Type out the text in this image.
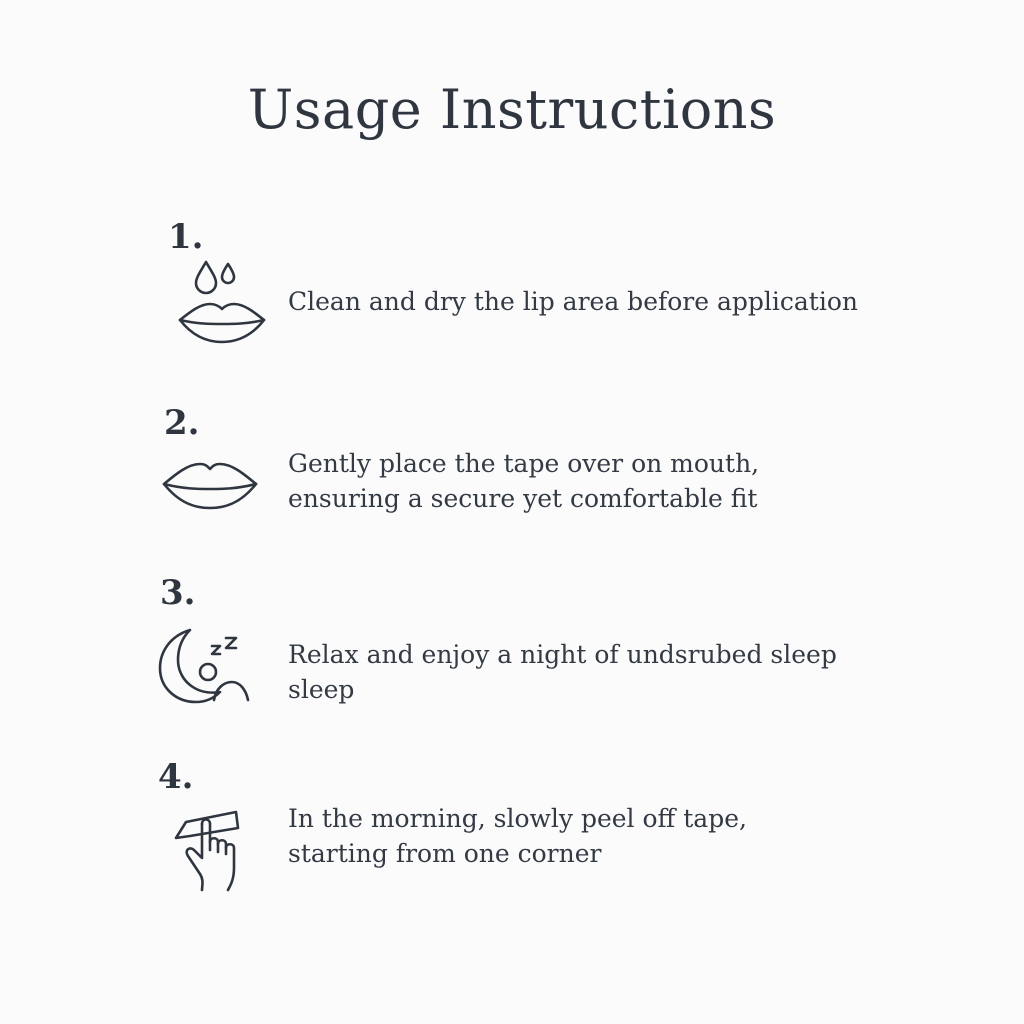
Usage Instructions
1.
Clean and dry the lip area before application
2.
Gently place the tape over on mouth,
ensuring a secure yet comfortable fit
3.
Relax and enjoy a night of undsrubed sleep
sleep
4.
In the morning, slowly peel off tape,
starting from one corner
